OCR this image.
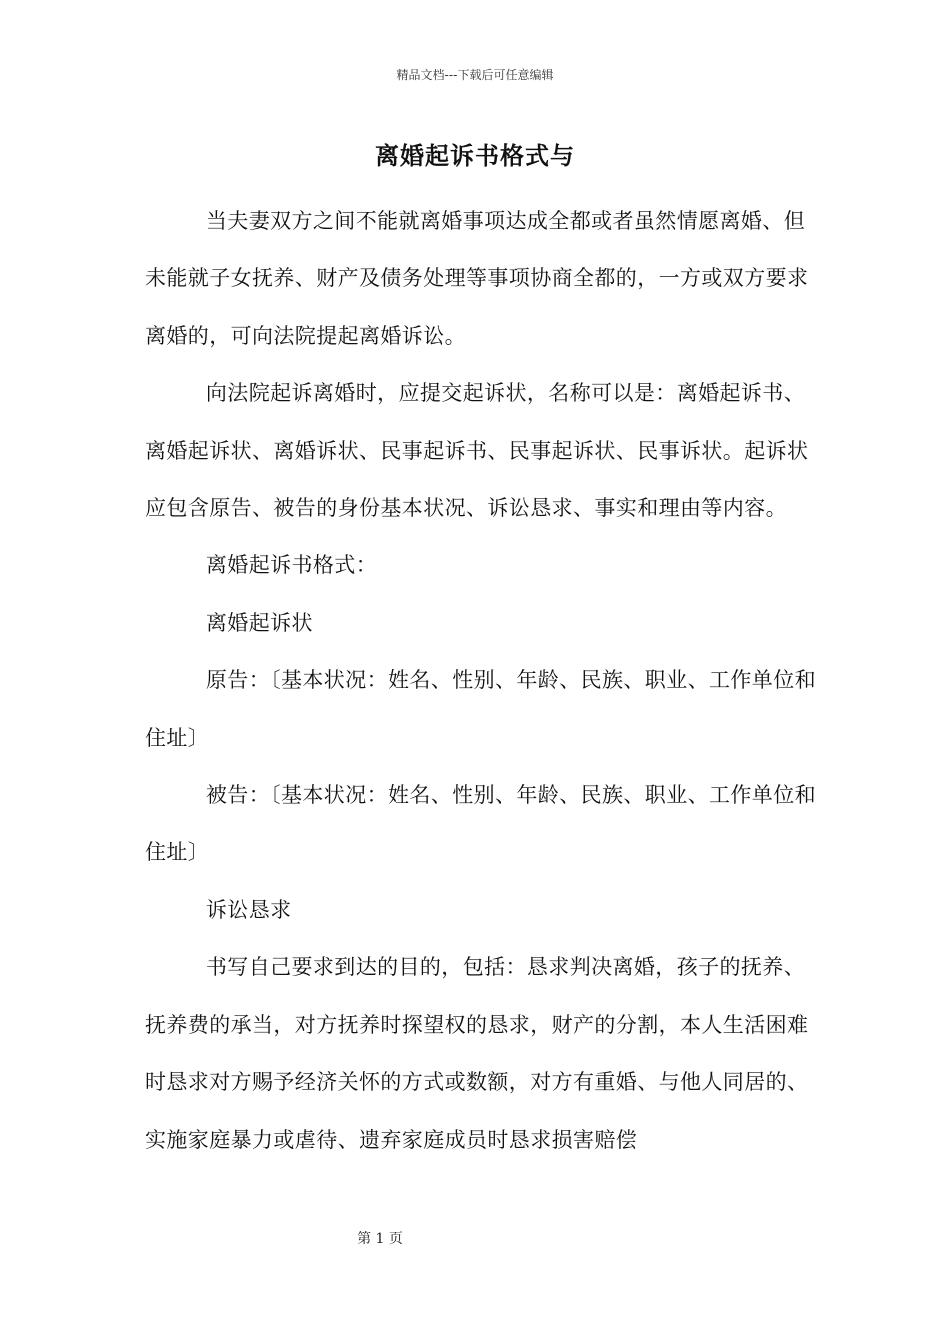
精品文档---下载后可任意编辑
离婚起诉书格式与

当夫妻双方之间不能就离婚事项达成全都或者虽然情愿离婚、但未能就子女抚养、财产及债务处理等事项协商全都的，一方或双方要求离婚的，可向法院提起离婚诉讼。

向法院起诉离婚时，应提交起诉状，名称可以是：离婚起诉书、离婚起诉状、离婚诉状、民事起诉书、民事起诉状、民事诉状。起诉状应包含原告、被告的身份基本状况、诉讼恳求、事实和理由等内容。

离婚起诉书格式：

离婚起诉状

原告：〔基本状况：姓名、性别、年龄、民族、职业、工作单位和住址〕

被告：〔基本状况：姓名、性别、年龄、民族、职业、工作单位和住址〕

诉讼恳求

书写自己要求到达的目的，包括：恳求判决离婚，孩子的抚养、抚养费的承当，对方抚养时探望权的恳求，财产的分割，本人生活困难时恳求对方赐予经济关怀的方式或数额，对方有重婚、与他人同居的、实施家庭暴力或虐待、遗弃家庭成员时恳求损害赔偿

第 1 页
